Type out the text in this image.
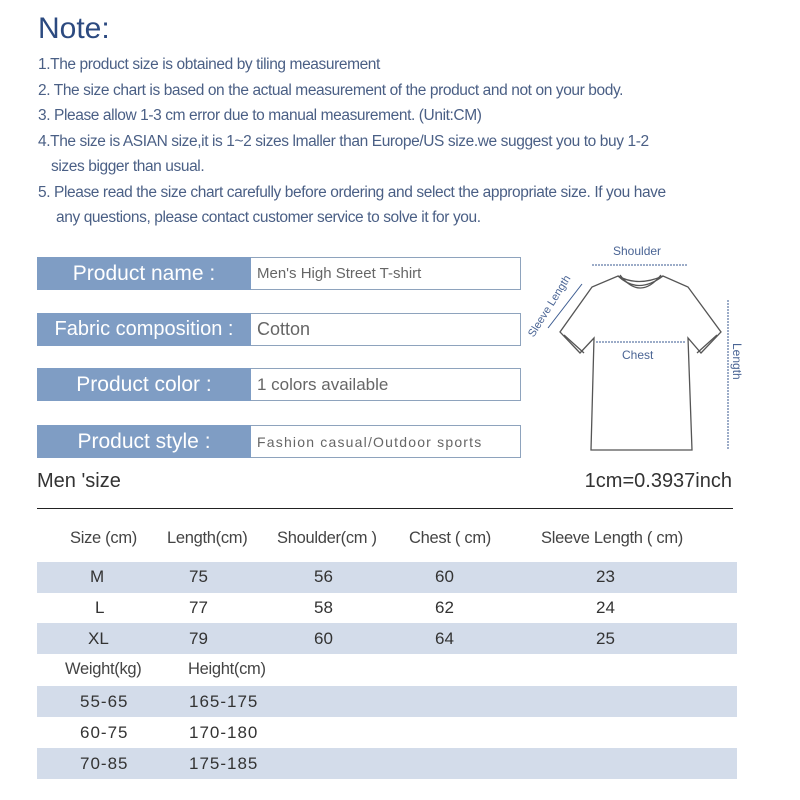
Note:
1.The product size is obtained by tiling measurement
2. The size chart is based on the actual measurement of the product and not on your body.
3. Please allow 1-3 cm error due to manual measurement. (Unit:CM)
4.The size is ASIAN size,it is 1~2 sizes lmaller than Europe/US size.we suggest you to buy 1-2
sizes bigger than usual.
5. Please read the size chart carefully before ordering and select the appropriate size. If you have
any questions, please contact customer service to solve it for you.
Product name :	Men's High Street T-shirt
Fabric composition :	Cotton
Product color :	1 colors available
Product style :	Fashion casual/Outdoor sports
Shoulder
Chest
Sleeve Length
Length
Men 'size	1cm=0.3937inch
Size (cm) Length(cm) Shoulder(cm ) Chest ( cm)	Sleeve Length ( cm)
M	75	56	60	23
L	77	58	62	24
XL	79	60	64	25
Weight(kg)	Height(cm)
55-65	165-175
60-75	170-180
70-85	175-185
